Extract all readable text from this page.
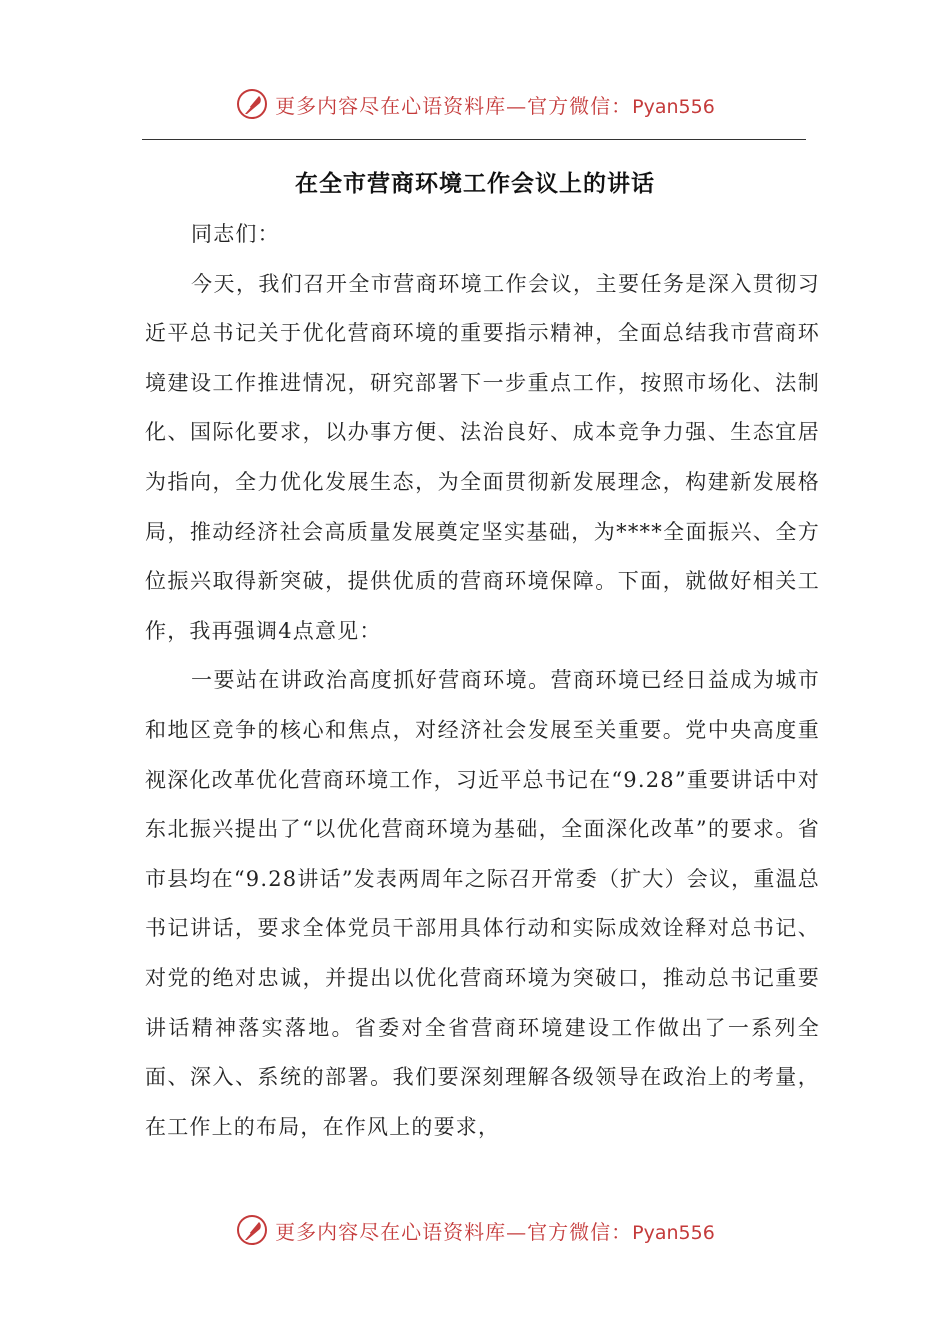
更多内容尽在心语资料库—官方微信：Pyan556
在全市营商环境工作会议上的讲话

同志们：

今天，我们召开全市营商环境工作会议，主要任务是深入贯彻习近平总书记关于优化营商环境的重要指示精神，全面总结我市营商环境建设工作推进情况，研究部署下一步重点工作，按照市场化、法制化、国际化要求，以办事方便、法治良好、成本竞争力强、生态宜居为指向，全力优化发展生态，为全面贯彻新发展理念，构建新发展格局，推动经济社会高质量发展奠定坚实基础，为****全面振兴、全方位振兴取得新突破，提供优质的营商环境保障。下面，就做好相关工作，我再强调4点意见：

一要站在讲政治高度抓好营商环境。营商环境已经日益成为城市和地区竞争的核心和焦点，对经济社会发展至关重要。党中央高度重视深化改革优化营商环境工作，习近平总书记在“9.28”重要讲话中对东北振兴提出了“以优化营商环境为基础，全面深化改革”的要求。省市县均在“9.28讲话”发表两周年之际召开常委（扩大）会议，重温总书记讲话，要求全体党员干部用具体行动和实际成效诠释对总书记、对党的绝对忠诚，并提出以优化营商环境为突破口，推动总书记重要讲话精神落实落地。省委对全省营商环境建设工作做出了一系列全面、深入、系统的部署。我们要深刻理解各级领导在政治上的考量，在工作上的布局，在作风上的要求，

更多内容尽在心语资料库—官方微信：Pyan556
